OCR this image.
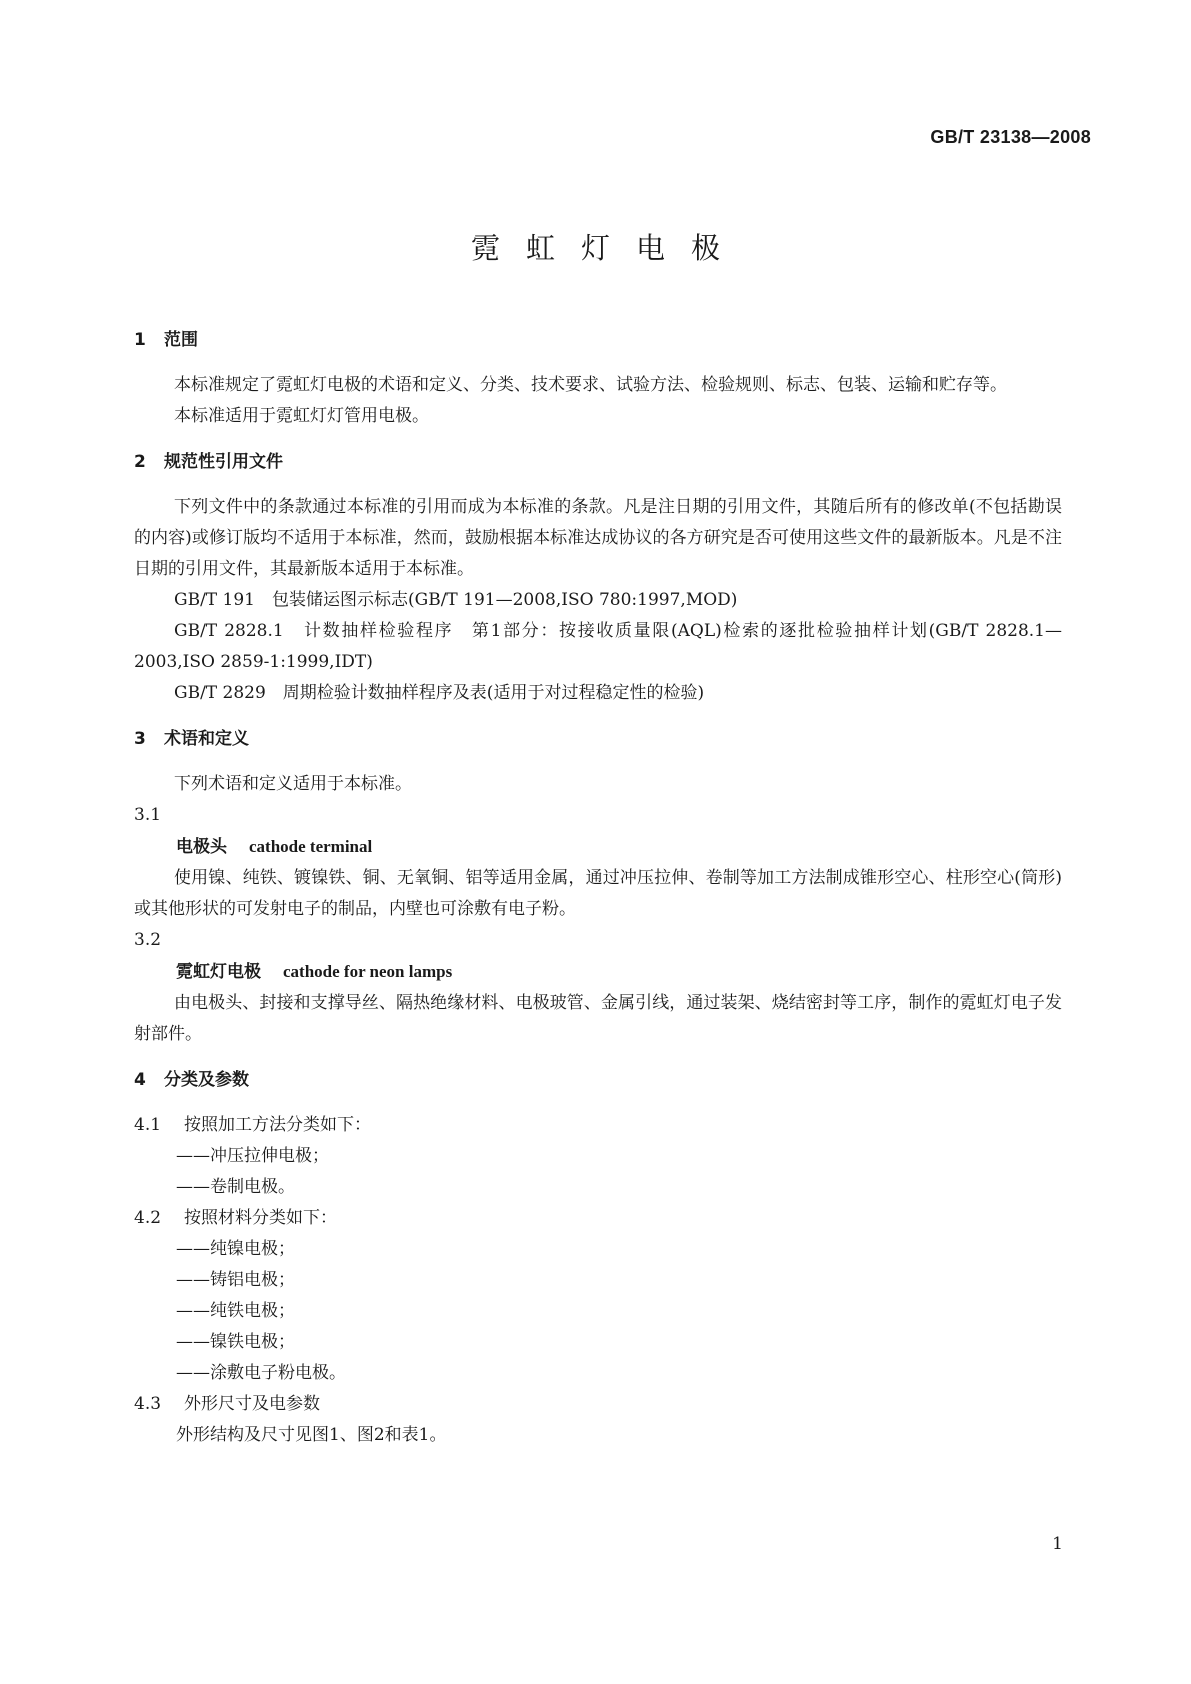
GB/T 23138—2008
霓虹灯电极
1 范围

本标准规定了霓虹灯电极的术语和定义、分类、技术要求、试验方法、检验规则、标志、包装、运输和贮存等。

本标准适用于霓虹灯灯管用电极。

2 规范性引用文件

下列文件中的条款通过本标准的引用而成为本标准的条款。凡是注日期的引用文件，其随后所有的修改单(不包括勘误的内容)或修订版均不适用于本标准，然而，鼓励根据本标准达成协议的各方研究是否可使用这些文件的最新版本。凡是不注日期的引用文件，其最新版本适用于本标准。

GB/T 191　包装储运图示标志(GB/T 191—2008,ISO 780:1997,MOD)

GB/T 2828.1　计数抽样检验程序　第1部分：按接收质量限(AQL)检索的逐批检验抽样计划(GB/T 2828.1—2003,ISO 2859-1:1999,IDT)

GB/T 2829　周期检验计数抽样程序及表(适用于对过程稳定性的检验)

3 术语和定义

下列术语和定义适用于本标准。

3.1

电极头 cathode terminal

使用镍、纯铁、镀镍铁、铜、无氧铜、铝等适用金属，通过冲压拉伸、卷制等加工方法制成锥形空心、柱形空心(筒形)或其他形状的可发射电子的制品，内壁也可涂敷有电子粉。

3.2

霓虹灯电极 cathode for neon lamps

由电极头、封接和支撑导丝、隔热绝缘材料、电极玻管、金属引线，通过装架、烧结密封等工序，制作的霓虹灯电子发射部件。

4 分类及参数

4.1 按照加工方法分类如下：

——冲压拉伸电极；

——卷制电极。

4.2 按照材料分类如下：

——纯镍电极；

——铸铝电极；

——纯铁电极；

——镍铁电极；

——涂敷电子粉电极。

4.3 外形尺寸及电参数

外形结构及尺寸见图1、图2和表1。

1
